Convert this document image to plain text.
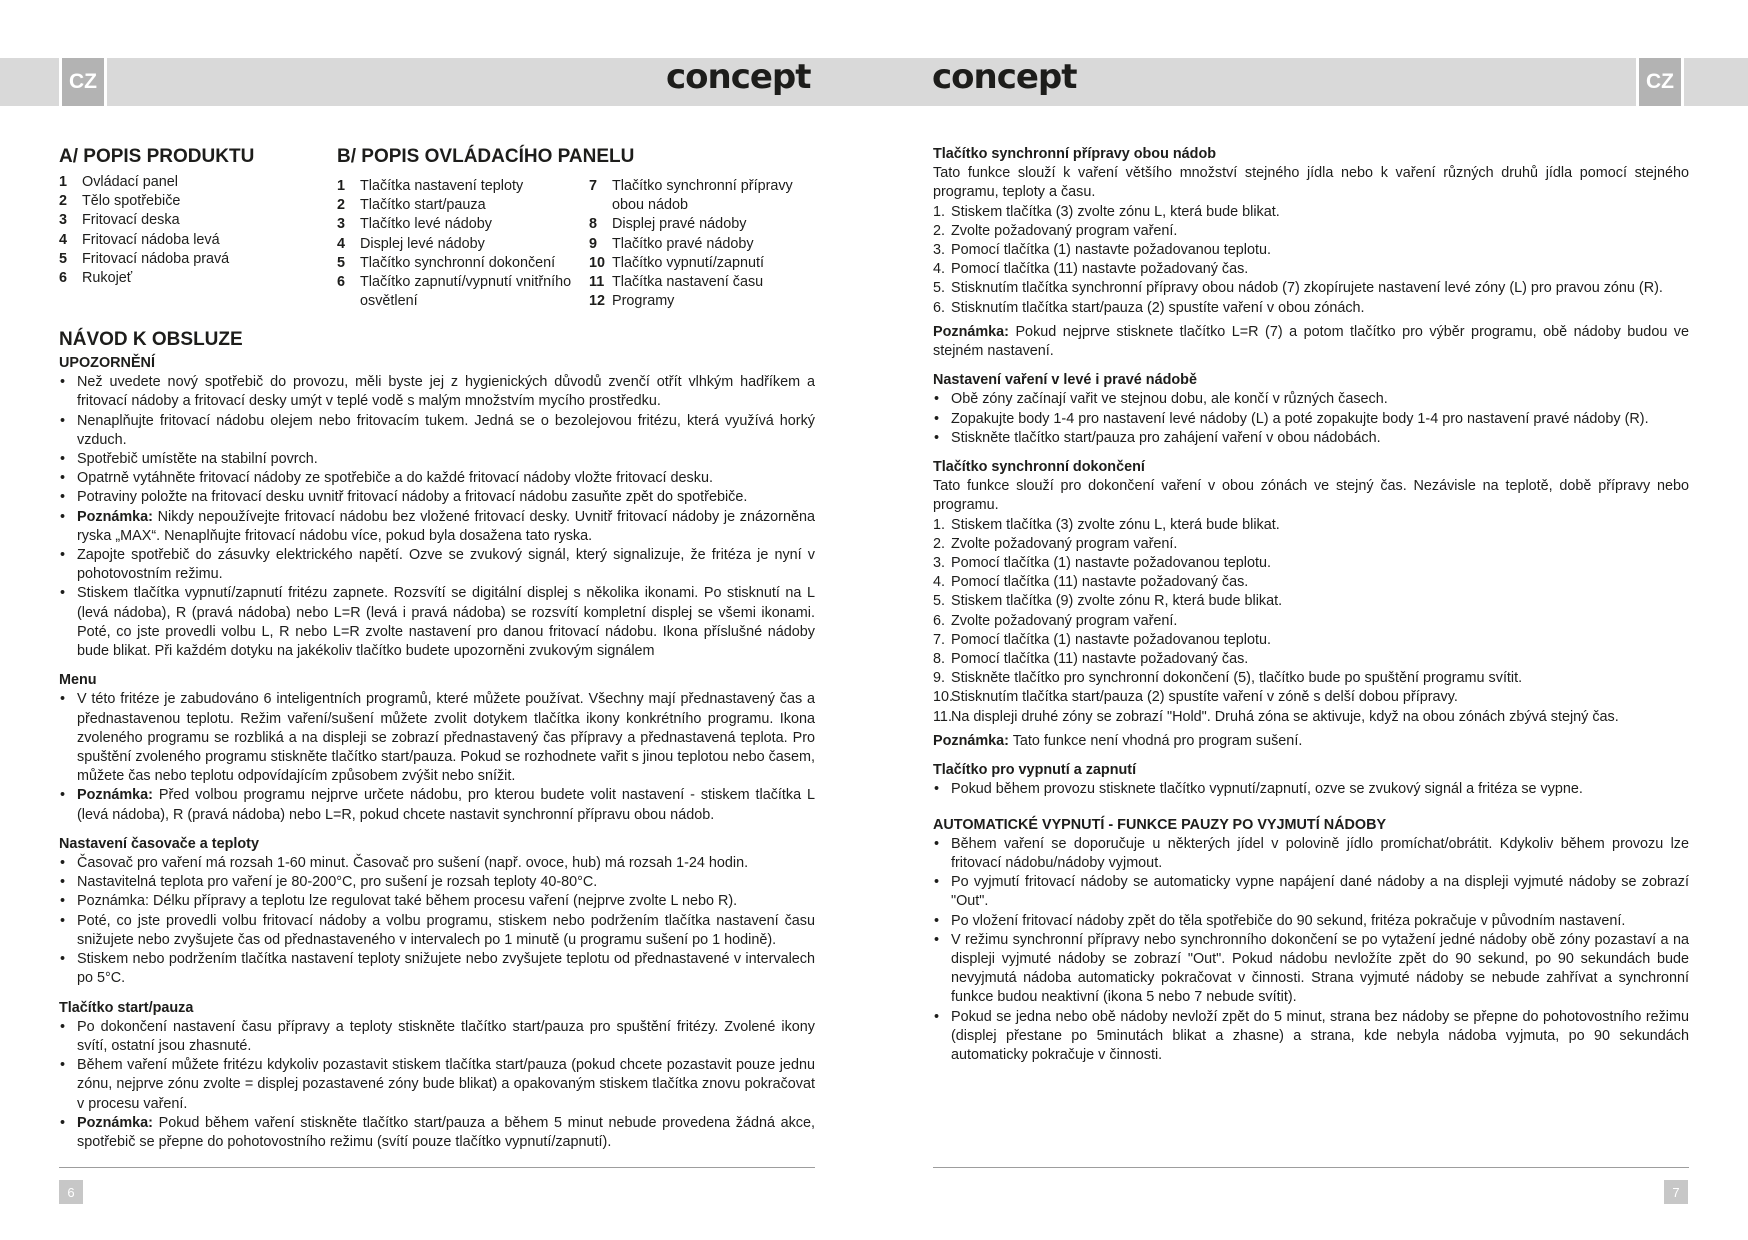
CZ	CZ
concept	concept
A/ POPIS PRODUKTU
1 Ovládací panel
2 Tělo spotřebiče
3 Fritovací deska
4 Fritovací nádoba levá
5 Fritovací nádoba pravá
6 Rukojeť
B/ POPIS OVLÁDACÍHO PANELU
1 Tlačítka nastavení teploty
2 Tlačítko start/pauza
3 Tlačítko levé nádoby
4 Displej levé nádoby
5 Tlačítko synchronní dokončení
6 Tlačítko zapnutí/vypnutí vnitřního osvětlení
7 Tlačítko synchronní přípravy obou nádob
8 Displej pravé nádoby
9 Tlačítko pravé nádoby
10 Tlačítko vypnutí/zapnutí
11 Tlačítka nastavení času
12 Programy
NÁVOD K OBSLUZE
UPOZORNĚNÍ
• Než uvedete nový spotřebič do provozu, měli byste jej z hygienických důvodů zvenčí otřít vlhkým hadříkem a fritovací nádoby a fritovací desky umýt v teplé vodě s malým množstvím mycího prostředku.
• Nenaplňujte fritovací nádobu olejem nebo fritovacím tukem. Jedná se o bezolejovou fritézu, která využívá horký vzduch.
• Spotřebič umístěte na stabilní povrch.
• Opatrně vytáhněte fritovací nádoby ze spotřebiče a do každé fritovací nádoby vložte fritovací desku.
• Potraviny položte na fritovací desku uvnitř fritovací nádoby a fritovací nádobu zasuňte zpět do spotřebiče.
• Poznámka: Nikdy nepoužívejte fritovací nádobu bez vložené fritovací desky. Uvnitř fritovací nádoby je znázorněna ryska „MAX“. Nenaplňujte fritovací nádobu více, pokud byla dosažena tato ryska.
• Zapojte spotřebič do zásuvky elektrického napětí. Ozve se zvukový signál, který signalizuje, že fritéza je nyní v pohotovostním režimu.
• Stiskem tlačítka vypnutí/zapnutí fritézu zapnete. Rozsvítí se digitální displej s několika ikonami. Po stisknutí na L (levá nádoba), R (pravá nádoba) nebo L=R (levá i pravá nádoba) se rozsvítí kompletní displej se všemi ikonami. Poté, co jste provedli volbu L, R nebo L=R zvolte nastavení pro danou fritovací nádobu. Ikona příslušné nádoby bude blikat. Při každém dotyku na jakékoliv tlačítko budete upozorněni zvukovým signálem
Menu
• V této fritéze je zabudováno 6 inteligentních programů, které můžete používat. Všechny mají přednastavený čas a přednastavenou teplotu. Režim vaření/sušení můžete zvolit dotykem tlačítka ikony konkrétního programu. Ikona zvoleného programu se rozbliká a na displeji se zobrazí přednastavený čas přípravy a přednastavená teplota. Pro spuštění zvoleného programu stiskněte tlačítko start/pauza. Pokud se rozhodnete vařit s jinou teplotou nebo časem, můžete čas nebo teplotu odpovídajícím způsobem zvýšit nebo snížit.
• Poznámka: Před volbou programu nejprve určete nádobu, pro kterou budete volit nastavení - stiskem tlačítka L (levá nádoba), R (pravá nádoba) nebo L=R, pokud chcete nastavit synchronní přípravu obou nádob.
Nastavení časovače a teploty
• Časovač pro vaření má rozsah 1-60 minut. Časovač pro sušení (např. ovoce, hub) má rozsah 1-24 hodin.
• Nastavitelná teplota pro vaření je 80-200°C, pro sušení je rozsah teploty 40-80°C.
• Poznámka: Délku přípravy a teplotu lze regulovat také během procesu vaření (nejprve zvolte L nebo R).
• Poté, co jste provedli volbu fritovací nádoby a volbu programu, stiskem nebo podržením tlačítka nastavení času snižujete nebo zvyšujete čas od přednastaveného v intervalech po 1 minutě (u programu sušení po 1 hodině).
• Stiskem nebo podržením tlačítka nastavení teploty snižujete nebo zvyšujete teplotu od přednastavené v intervalech po 5°C.
Tlačítko start/pauza
• Po dokončení nastavení času přípravy a teploty stiskněte tlačítko start/pauza pro spuštění fritézy. Zvolené ikony svítí, ostatní jsou zhasnuté.
• Během vaření můžete fritézu kdykoliv pozastavit stiskem tlačítka start/pauza (pokud chcete pozastavit pouze jednu zónu, nejprve zónu zvolte = displej pozastavené zóny bude blikat) a opakovaným stiskem tlačítka znovu pokračovat v procesu vaření.
• Poznámka: Pokud během vaření stiskněte tlačítko start/pauza a během 5 minut nebude provedena žádná akce, spotřebič se přepne do pohotovostního režimu (svítí pouze tlačítko vypnutí/zapnutí).
6
Tlačítko synchronní přípravy obou nádob

Tato funkce slouží k vaření většího množství stejného jídla nebo k vaření různých druhů jídla pomocí stejného programu, teploty a času.

1. Stiskem tlačítka (3) zvolte zónu L, která bude blikat.
2. Zvolte požadovaný program vaření.
3. Pomocí tlačítka (1) nastavte požadovanou teplotu.
4. Pomocí tlačítka (11) nastavte požadovaný čas.
5. Stisknutím tlačítka synchronní přípravy obou nádob (7) zkopírujete nastavení levé zóny (L) pro pravou zónu (R).
6. Stisknutím tlačítka start/pauza (2) spustíte vaření v obou zónách.

Poznámka: Pokud nejprve stisknete tlačítko L=R (7) a potom tlačítko pro výběr programu, obě nádoby budou ve stejném nastavení.

Nastavení vaření v levé i pravé nádobě
• Obě zóny začínají vařit ve stejnou dobu, ale končí v různých časech.
• Zopakujte body 1-4 pro nastavení levé nádoby (L) a poté zopakujte body 1-4 pro nastavení pravé nádoby (R).
• Stiskněte tlačítko start/pauza pro zahájení vaření v obou nádobách.
Tlačítko synchronní dokončení

Tato funkce slouží pro dokončení vaření v obou zónách ve stejný čas. Nezávisle na teplotě, době přípravy nebo programu.

1. Stiskem tlačítka (3) zvolte zónu L, která bude blikat.
2. Zvolte požadovaný program vaření.
3. Pomocí tlačítka (1) nastavte požadovanou teplotu.
4. Pomocí tlačítka (11) nastavte požadovaný čas.
5. Stiskem tlačítka (9) zvolte zónu R, která bude blikat.
6. Zvolte požadovaný program vaření.
7. Pomocí tlačítka (1) nastavte požadovanou teplotu.
8. Pomocí tlačítka (11) nastavte požadovaný čas.
9. Stiskněte tlačítko pro synchronní dokončení (5), tlačítko bude po spuštění programu svítit.
10.
Stisknutím tlačítka start/pauza (2) spustíte vaření v zóně s delší dobou přípravy.
11. Na displeji druhé zóny se zobrazí "Hold". Druhá zóna se aktivuje, když na obou zónách zbývá stejný čas.

Poznámka: Tato funkce není vhodná pro program sušení.

Tlačítko pro vypnutí a zapnutí
• Pokud během provozu stisknete tlačítko vypnutí/zapnutí, ozve se zvukový signál a fritéza se vypne.
AUTOMATICKÉ VYPNUTÍ - FUNKCE PAUZY PO VYJMUTÍ NÁDOBY
• Během vaření se doporučuje u některých jídel v polovině jídlo promíchat/obrátit. Kdykoliv během provozu lze fritovací nádobu/nádoby vyjmout.
• Po vyjmutí fritovací nádoby se automaticky vypne napájení dané nádoby a na displeji vyjmuté nádoby se zobrazí "Out".
• Po vložení fritovací nádoby zpět do těla spotřebiče do 90 sekund, fritéza pokračuje v původním nastavení.
• V režimu synchronní přípravy nebo synchronního dokončení se po vytažení jedné nádoby obě zóny pozastaví a na displeji vyjmuté nádoby se zobrazí "Out". Pokud nádobu nevložíte zpět do 90 sekund, po 90 sekundách bude nevyjmutá nádoba automaticky pokračovat v činnosti. Strana vyjmuté nádoby se nebude zahřívat a synchronní funkce budou neaktivní (ikona 5 nebo 7 nebude svítit).
• Pokud se jedna nebo obě nádoby nevloží zpět do 5 minut, strana bez nádoby se přepne do pohotovostního režimu (displej přestane po 5minutách blikat a zhasne) a strana, kde nebyla nádoba vyjmuta, po 90 sekundách automaticky pokračuje v činnosti.
7
